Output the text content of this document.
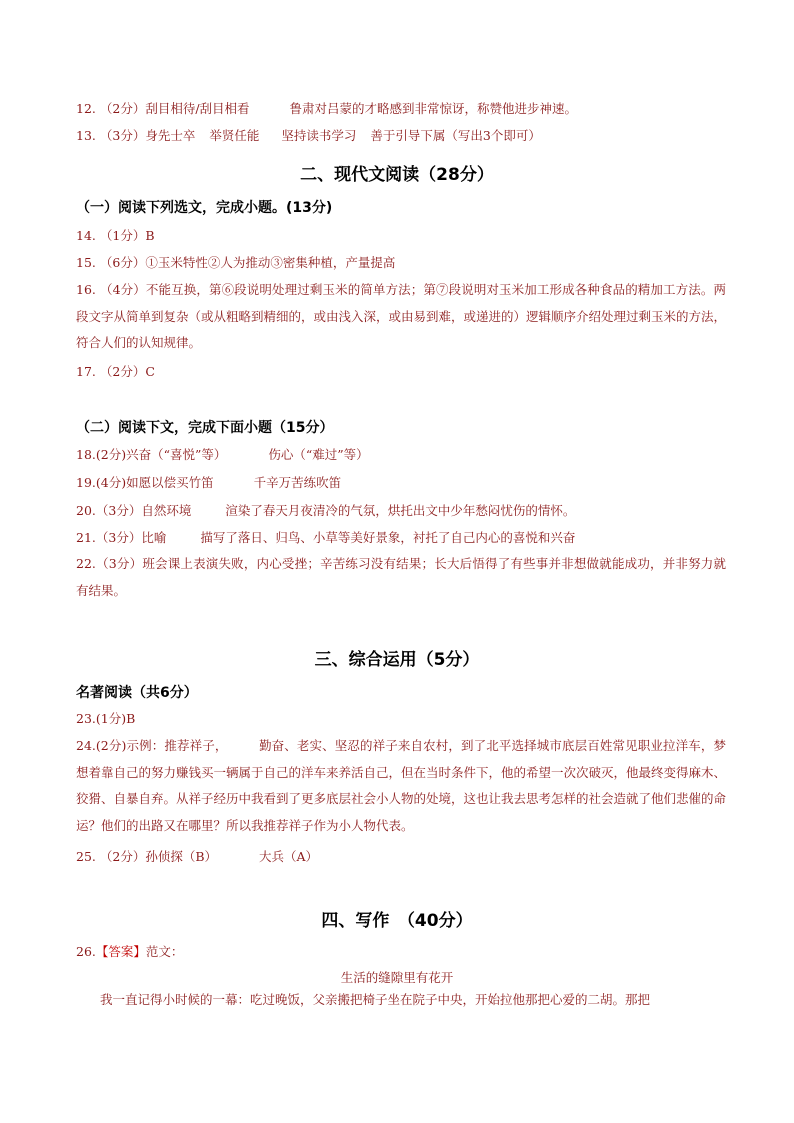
12. （2分）刮目相待/刮目相看	鲁肃对吕蒙的才略感到非常惊讶，称赞他进步神速。
13. （3分）身先士卒 举贤任能 坚持读书学习 善于引导下属（写出3个即可）
二、现代文阅读（28分）
（一）阅读下列选文，完成小题。(13分)
14. （1分）B
15. （6分）①玉米特性②人为推动③密集种植，产量提高
16. （4分）不能互换，第⑥段说明处理过剩玉米的简单方法；第⑦段说明对玉米加工形成各种食品的精加工方法。两段文字从简单到复杂（或从粗略到精细的，或由浅入深，或由易到难，或递进的）逻辑顺序介绍处理过剩玉米的方法，符合人们的认知规律。
17. （2分）C
（二）阅读下文，完成下面小题（15分）
18.(2分)兴奋（“喜悦”等）	伤心（“难过”等）
19.(4分)如愿以偿买竹笛	千辛万苦练吹笛
20.（3分）自然环境	渲染了春天月夜清冷的气氛，烘托出文中少年愁闷忧伤的情怀。
21.（3分）比喻	描写了落日、归鸟、小草等美好景象，衬托了自己内心的喜悦和兴奋
22.（3分）班会课上表演失败，内心受挫；辛苦练习没有结果；长大后悟得了有些事并非想做就能成功，并非努力就有结果。
三、综合运用（5分）
名著阅读（共6分）
23.(1分)B
24.(2分)示例：推荐祥子，　　　勤奋、老实、坚忍的祥子来自农村，到了北平选择城市底层百姓常见职业拉洋车，梦想着靠自己的努力赚钱买一辆属于自己的洋车来养活自己，但在当时条件下，他的希望一次次破灭，他最终变得麻木、狡猾、自暴自弃。从祥子经历中我看到了更多底层社会小人物的处境，这也让我去思考怎样的社会造就了他们悲催的命运？他们的出路又在哪里？所以我推荐祥子作为小人物代表。
25. （2分）孙侦探（B）	大兵（A）
四、写作　（40分）
26.【答案】范文：
生活的缝隙里有花开
我一直记得小时候的一幕：吃过晚饭，父亲搬把椅子坐在院子中央，开始拉他那把心爱的二胡。那把
